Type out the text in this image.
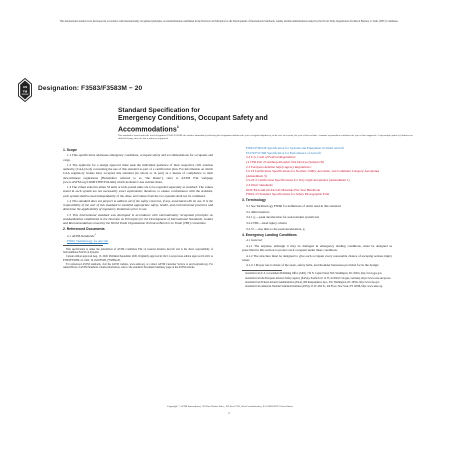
This international standard was developed in accordance with internationally recognized principles on standardization established in the Decision on Principles for the Development of International Standards, Guides and Recommendations issued by the World Trade Organization Technical Barriers to Trade (TBT) Committee.
AS
TM Designation: F3583/F3583M − 20
Standard Specification for
Emergency Conditions, Occupant Safety and
Accommodations$^1$
This standard is issued under the fixed designation F3583/F3583M; the number immediately following the designation indicates the year of original adoption or, in the case of revision, the year of last revision. A number in parentheses indicates the year of last reapproval. A superscript epsilon (ε) indicates an editorial change since the last revision or reapproval.
1. Scope

1.1 This specification addresses emergency conditions, occupant safety and accommodations for occupants and cargo.

1.2 The applicant for a design approval must seek the individual guidance of their respective civil aviation authority (CAA) body concerning the use of this standard as part of a certification plan. For information on which CAA regulatory bodies have accepted this standard (in whole or in part) as a means of compliance to their airworthiness regulations (Hereinafter referred to as "the Rules"), refer to ASTM F44 webpage (www.ASTM.org/COMITTEE/F44.htm) which includes CAA website links.

1.3 The values stated in either SI units or inch-pound units are to be regarded separately as standard. The values stated in each system are not necessarily exact equivalents; therefore, to ensure conformance with the standard, each system shall be used independently of the other, and values from the two systems shall not be combined.

1.4 This standard does not purport to address all of the safety concerns, if any, associated with its use. It is the responsibility of the user of this standard to establish appropriate safety, health, and environmental practices and determine the applicability of regulatory limitations prior to use.

1.5 This international standard was developed in accordance with internationally recognized principles on standardization established in the Decision on Principles for the Development of International Standards, Guides and Recommendations issued by the World Trade Organization Technical Barriers to Trade (TBT) Committee.

2. Referenced Documents
2.1 ASTM Standards:$^2$
F3061 Terminology for Aircraft

This specification is under the jurisdiction of ASTM Committee F44 on General Aviation Aircraft and is the direct responsibility of Subcommittee F44.50 on Systems.

Current edition approved Aug. 15, 2020. Published September 2020. Originally approved in 2021. Last previous edition approved in 2021 as F3583/F3583M–21. DOI: 10.1520/F3583_F3583M-20.

For referenced ASTM standards, visit the ASTM website, www.astm.org, or contact ASTM Customer Service at service@astm.org. For Annual Book of ASTM Standards volume information, refer to the standard's Document Summary page on the ASTM website.

F3061/F3061M Specification for Systems and Equipment in Small Aircraft
F3179/F3179M Specification for Performance of Aircraft
2.2 U.S. Code of Federal Regulations:
14 CFR Part 23 Anthropomorphic Test Devices (Subpart B)
2.3 European Aviation Safety Agency Regulations:
CS 23 Certification Specifications for Normal, Utility, Aerobatic, and Commuter Category Aeroplanes (Amendment 3)
CS-23.3 Certification Specifications for Very Light Aeroplanes (Amendment 1)
2.4 Other Standards:
DOT/FAA/AR-00 Aircraft Materials Fire Test Handbook
F3061-23 Standard Specifications for Safety Photographic Print
3. Terminology

3.1 See Terminology F3060 for definitions of terms used in this standard.

3.2 Abbreviations:

3.2.1 gₓ—peak deceleration for seat/restraint system test

3.2.2 HIC—head injury criteria

3.2.3 tᵣ—rise time to the peak deceleration, gₓ

4. Emergency Landing Conditions

4.1 General:

4.1.1 The airplane, although it may be damaged in emergency landing conditions, must be designed as prescribed in this section to protect each occupant under these conditions.

4.1.2 The structure must be designed to give each occupant every reasonable chance of escaping serious injury when:

4.1.2.1 Proper use is made of the seats, safety belts, and shoulder harnesses provided for in the design;

Available from U.S. Government Publishing Office (GPO), 732 N. Capitol Street NW, Washington, DC 20401, http://www.gpo.gov.

Available from the European Aviation Safety Agency (EASA), Postfach 10 12 53, D-50452 Cologne, Germany, https://www.easa.europa.eu/.

Available from Federal Aviation Administration (FAA), 800 Independence Ave., SW, Washington, DC 20591, http://www.faa.gov.

Available from American National Standards Institute (ANSI), 25 W. 43rd St., 4th Floor, New York, NY 10036, http://www.ansi.org.

Copyright © ASTM International, 100 Barr Harbor Drive, PO Box C700, West Conshohocken, PA 19428-2959. United States
1
